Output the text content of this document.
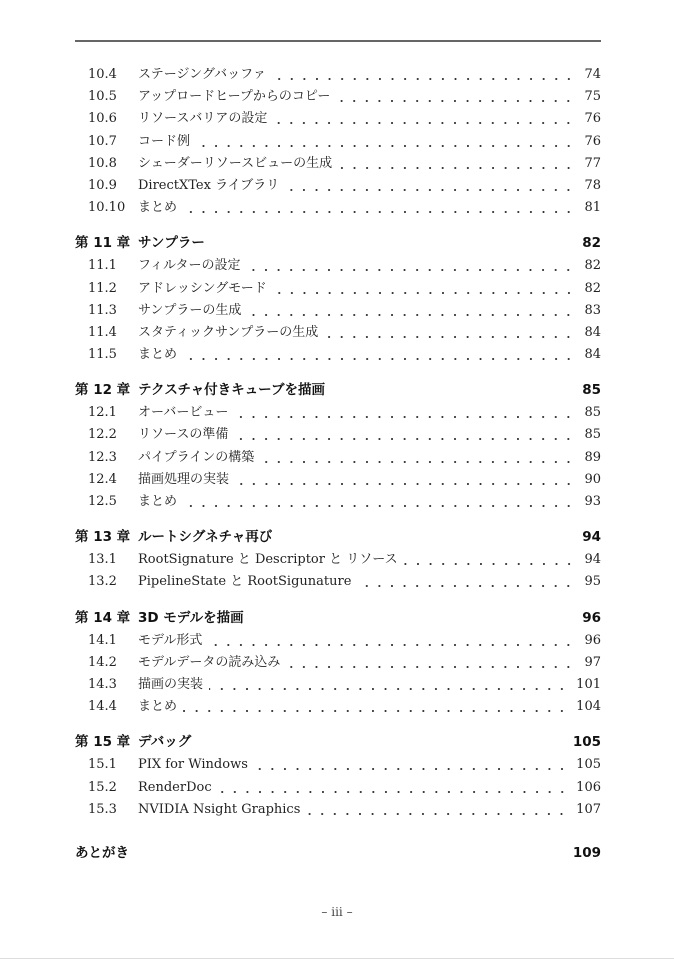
10.4	ステージングバッファ	74
10.5	アップロードヒープからのコピー	75
10.6	リソースバリアの設定	76
10.7	コード例	76
10.8	シェーダーリソースビューの生成	77
10.9	DirectXTex ライブラリ	78
10.10 まとめ	81
第 11 章 サンプラー	82
11.1	フィルターの設定	82
11.2	アドレッシングモード	82
11.3	サンプラーの生成	83
11.4	スタティックサンプラーの生成	84
11.5	まとめ	84
第 12 章 テクスチャ付きキューブを描画	85
12.1	オーバービュー	85
12.2	リソースの準備	85
12.3	パイプラインの構築	89
12.4	描画処理の実装	90
12.5	まとめ	93
第 13 章 ルートシグネチャ再び	94
13.1	RootSignature と Descriptor と リソース	94
13.2	PipelineState と RootSigunature	95
第 14 章 3D モデルを描画	96
14.1	モデル形式	96
14.2	モデルデータの読み込み	97
14.3	描画の実装	101
14.4	まとめ	104
第 15 章 デバッグ	105
15.1	PIX for Windows	105
15.2	RenderDoc	106
15.3	NVIDIA Nsight Graphics	107
あとがき	109
– iii –
